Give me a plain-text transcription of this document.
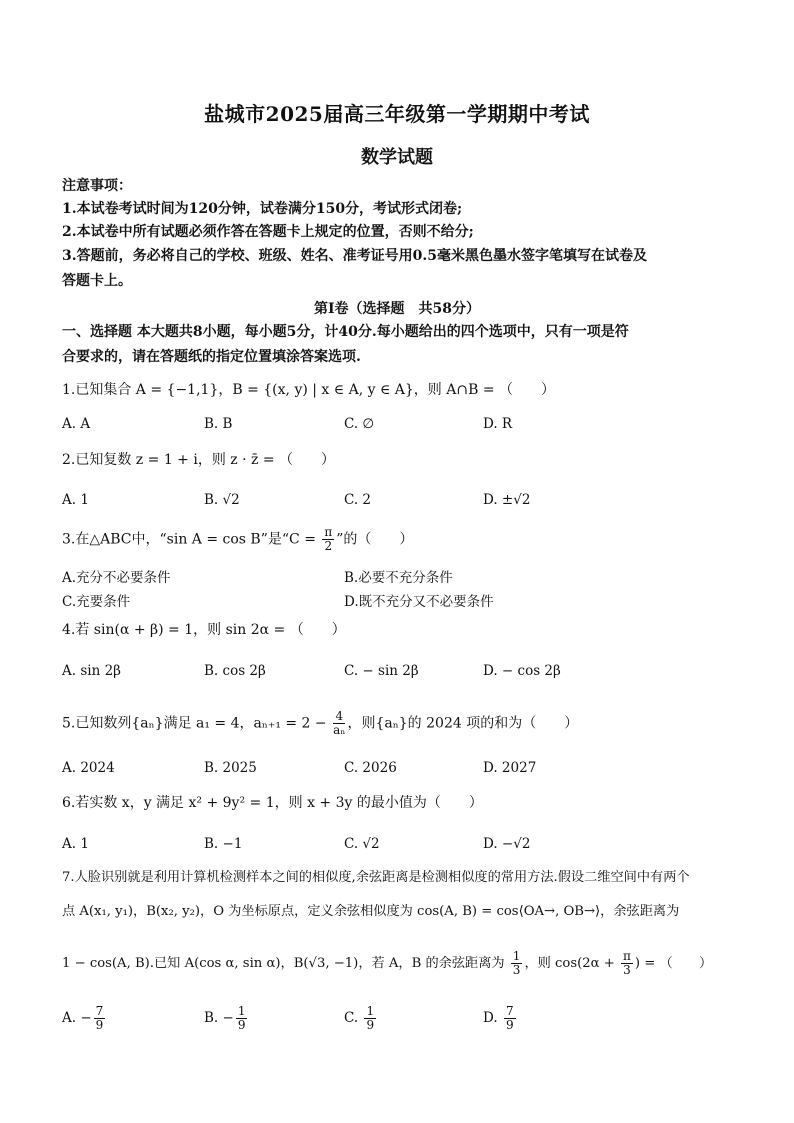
盐城市2025届高三年级第一学期期中考试
数学试题
注意事项：
1.本试卷考试时间为120分钟，试卷满分150分，考试形式闭卷;
2.本试卷中所有试题必须作答在答题卡上规定的位置，否则不给分;
3.答题前，务必将自己的学校、班级、姓名、准考证号用0.5毫米黑色墨水签字笔填写在试卷及
答题卡上。
第Ⅰ卷（选择题　共58分）
一、选择题 本大题共8小题，每小题5分，计40分.每小题给出的四个选项中，只有一项是符
合要求的，请在答题纸的指定位置填涂答案选项.
1.已知集合 A = {−1,1}，B = {(x, y) | x ∈ A, y ∈ A}，则 A∩B = （　　）
A. A	B. B	C. ∅	D. R
2.已知复数 z = 1 + i，则 z · z̄ = （　　）
A. 1	B. √2	C. 2	D. ±√2
3.在△ABC中，“sin A = cos B”是“$C = \frac{\pi}{2}$ ”的（　　）
A.充分不必要条件	B.必要不充分条件
C.充要条件	D.既不充分又不必要条件
4.若 sin(α + β) = 1，则 sin 2α = （　　）
A. sin 2β	B. cos 2β	C. − sin 2β	D. − cos 2β
5.已知数列{aₙ}满足 a₁ = 4，$a_{n+1} = 2 - \frac{4}{\text{aₙ}}$ ，则{aₙ}的 2024 项的和为（　　）
A. 2024	B. 2025	C. 2026	D. 2027
6.若实数 x，y 满足 x² + 9y² = 1，则 x + 3y 的最小值为（　　）
A. 1	B. −1	C. √2	D. −√2
7.人脸识别就是利用计算机检测样本之间的相似度,余弦距离是检测相似度的常用方法.假设二维空间中有两个
点 A(x₁, y₁)，B(x₂, y₂)，O 为坐标原点，定义余弦相似度为 cos(A, B) = cos⟨OA→, OB→⟩，余弦距离为
1 − cos(A, B).已知 A(cos α, sin α)，B(√3, −1)，若 A，B 的余弦距离为 $\frac{1}{3}$ ，则 $\cos(2\alpha + \frac{\pi}{3}$ ) = （　　）
A. − $\frac{7}{9}$	B. − $\frac{1}{9}$	C. $\frac{1}{9}$	D. $\frac{7}{9}$
